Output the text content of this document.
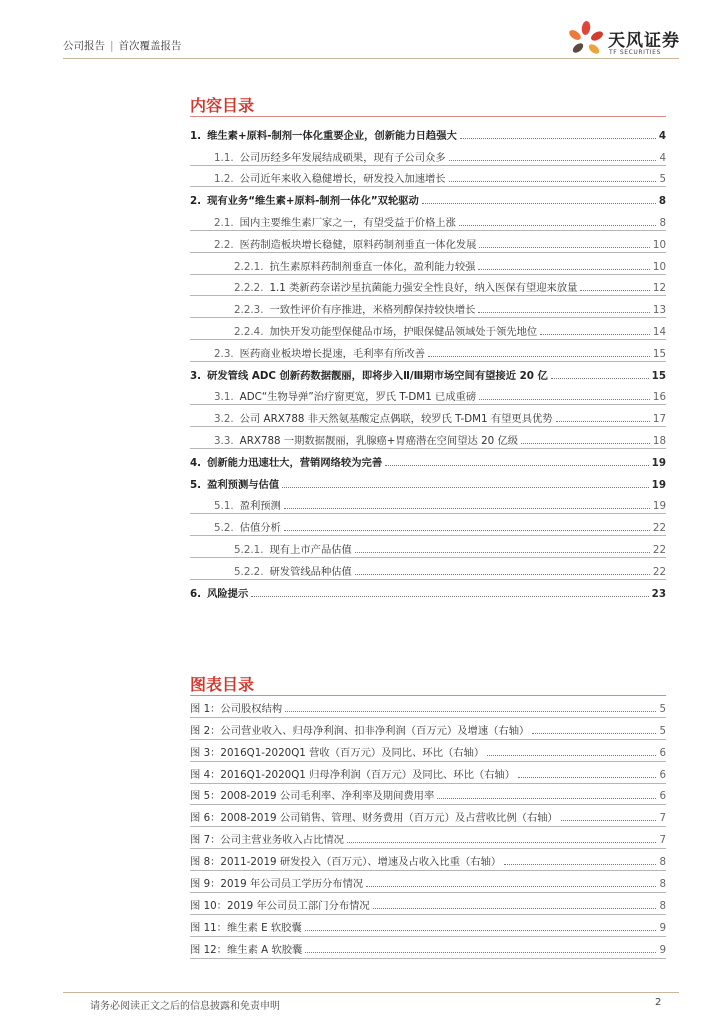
公司报告 | 首次覆盖报告	天风证券
TF SECURITIES
内容目录
1. 维生素+原料-制剂一体化重要企业，创新能力日趋强大	4
1.1. 公司历经多年发展结成硕果，现有子公司众多	4
1.2. 公司近年来收入稳健增长，研发投入加速增长	5
2. 现有业务“维生素+原料-制剂一体化”双轮驱动	8
2.1. 国内主要维生素厂家之一，有望受益于价格上涨	8
2.2. 医药制造板块增长稳健，原料药制剂垂直一体化发展	10
2.2.1. 抗生素原料药制剂垂直一体化，盈利能力较强	10
2.2.2. 1.1 类新药奈诺沙星抗菌能力强安全性良好，纳入医保有望迎来放量	12
2.2.3. 一致性评价有序推进，米格列醇保持较快增长	13
2.2.4. 加快开发功能型保健品市场，护眼保健品领域处于领先地位	14
2.3. 医药商业板块增长提速，毛利率有所改善	15
3. 研发管线 ADC 创新药数据靓丽，即将步入Ⅱ/Ⅲ期市场空间有望接近 20 亿	15
3.1. ADC“生物导弹”治疗窗更宽，罗氏 T-DM1 已成重磅	16
3.2. 公司 ARX788 非天然氨基酸定点偶联，较罗氏 T-DM1 有望更具优势	17
3.3. ARX788 一期数据靓丽，乳腺癌+胃癌潜在空间望达 20 亿级	18
4. 创新能力迅速壮大，营销网络较为完善	19
5. 盈利预测与估值	19
5.1. 盈利预测	19
5.2. 估值分析	22
5.2.1. 现有上市产品估值	22
5.2.2. 研发管线品种估值	22
6. 风险提示	23
图表目录
图 1：公司股权结构	5
图 2：公司营业收入、归母净利润、扣非净利润（百万元）及增速（右轴）	5
图 3：2016Q1-2020Q1 营收（百万元）及同比、环比（右轴）	6
图 4：2016Q1-2020Q1 归母净利润（百万元）及同比、环比（右轴）	6
图 5：2008-2019 公司毛利率、净利率及期间费用率	6
图 6：2008-2019 公司销售、管理、财务费用（百万元）及占营收比例（右轴）	7
图 7：公司主营业务收入占比情况	7
图 8：2011-2019 研发投入（百万元）、增速及占收入比重（右轴）	8
图 9：2019 年公司员工学历分布情况	8
图 10：2019 年公司员工部门分布情况	8
图 11：维生素 E 软胶囊	9
图 12：维生素 A 软胶囊	9
请务必阅读正文之后的信息披露和免责申明	2
